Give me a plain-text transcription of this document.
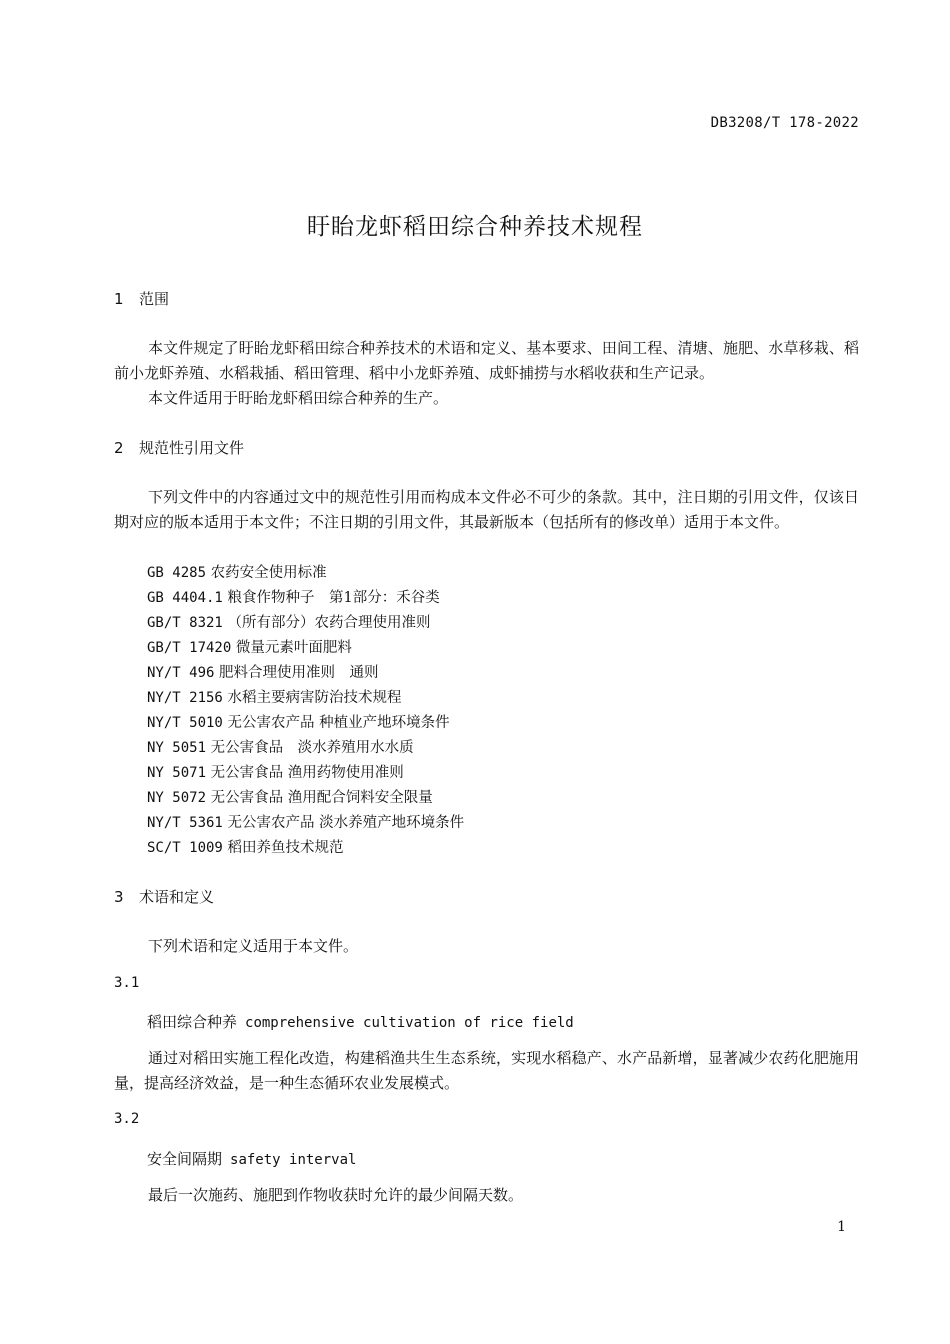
DB3208/T 178-2022
盱眙龙虾稻田综合种养技术规程
1 范围
本文件规定了盱眙龙虾稻田综合种养技术的术语和定义、基本要求、田间工程、清塘、施肥、水草移栽、稻前小龙虾养殖、水稻栽插、稻田管理、稻中小龙虾养殖、成虾捕捞与水稻收获和生产记录。
本文件适用于盱眙龙虾稻田综合种养的生产。
2 规范性引用文件
下列文件中的内容通过文中的规范性引用而构成本文件必不可少的条款。其中，注日期的引用文件，仅该日期对应的版本适用于本文件；不注日期的引用文件，其最新版本（包括所有的修改单）适用于本文件。
GB 4285 农药安全使用标准
GB 4404.1 粮食作物种子　第1部分：禾谷类
GB/T 8321 （所有部分）农药合理使用准则
GB/T 17420 微量元素叶面肥料
NY/T 496 肥料合理使用准则　通则
NY/T 2156 水稻主要病害防治技术规程
NY/T 5010 无公害农产品 种植业产地环境条件
NY 5051 无公害食品　淡水养殖用水水质
NY 5071 无公害食品 渔用药物使用准则
NY 5072 无公害食品 渔用配合饲料安全限量
NY/T 5361 无公害农产品 淡水养殖产地环境条件
SC/T 1009 稻田养鱼技术规范
3 术语和定义
下列术语和定义适用于本文件。
3.1
稻田综合种养 comprehensive cultivation of rice field
通过对稻田实施工程化改造，构建稻渔共生生态系统，实现水稻稳产、水产品新增，显著减少农药化肥施用量，提高经济效益，是一种生态循环农业发展模式。
3.2
安全间隔期 safety interval
最后一次施药、施肥到作物收获时允许的最少间隔天数。
1
